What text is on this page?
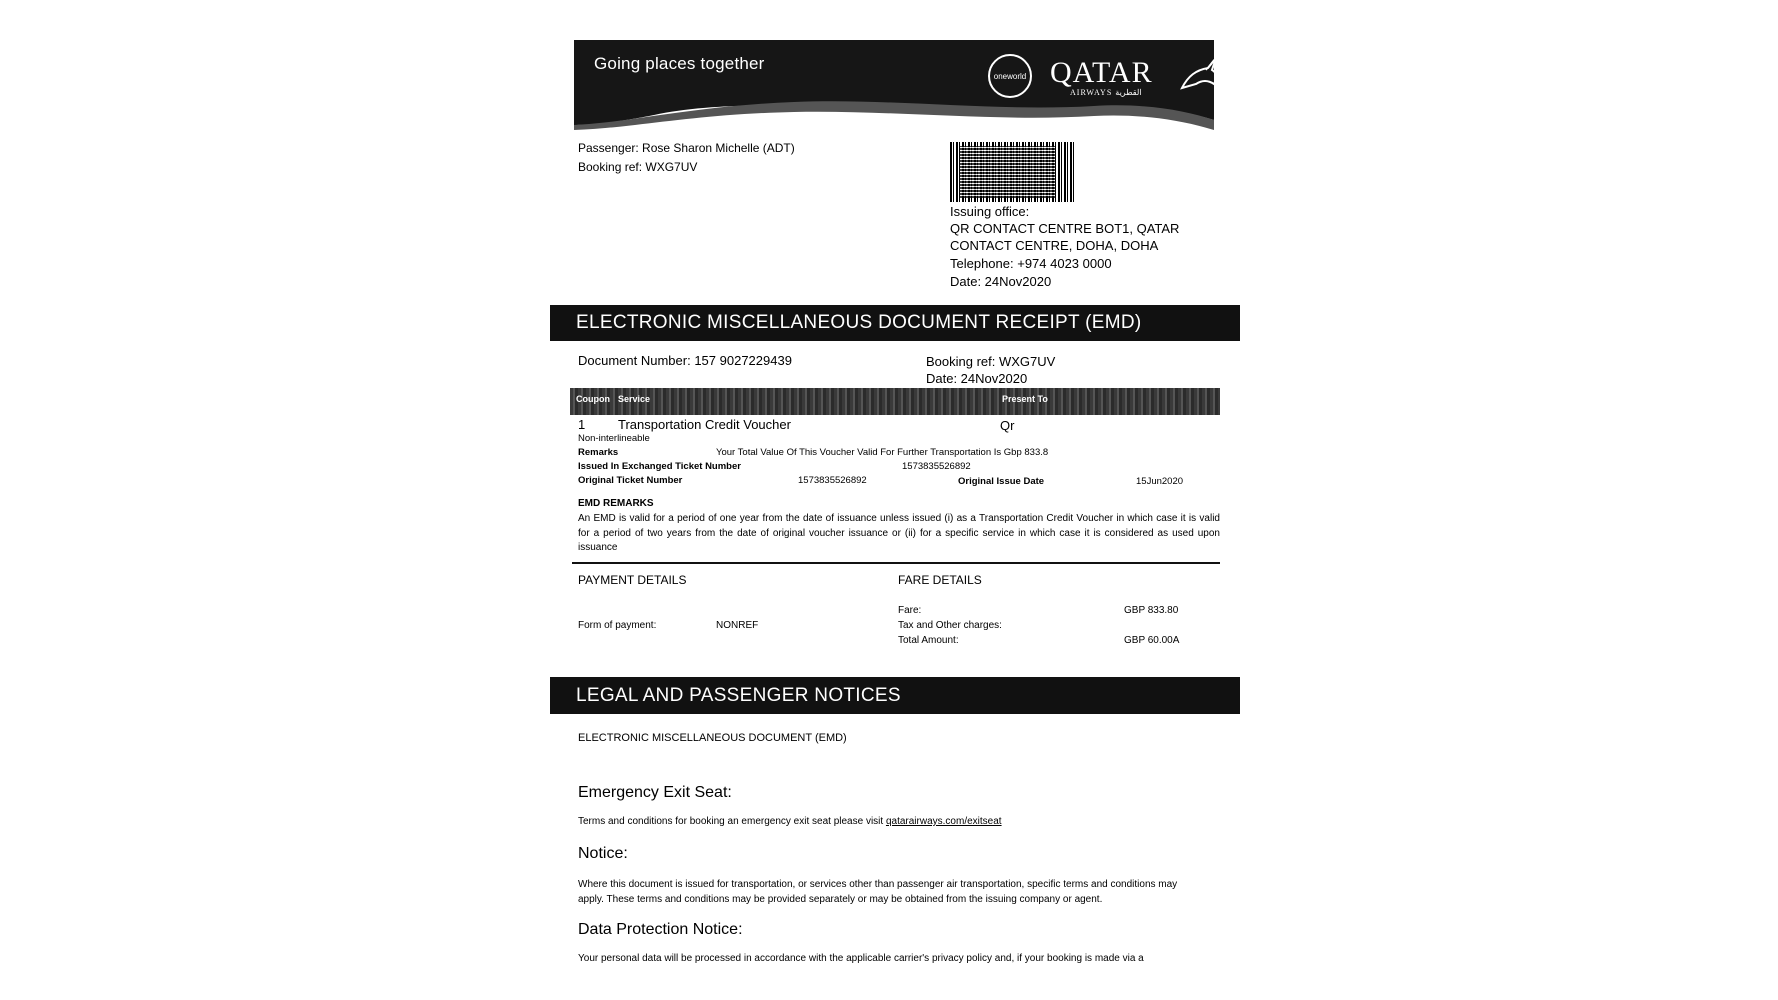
Going places together
oneworld QATAR
AIRWAYS القطرية
Passenger: Rose Sharon Michelle (ADT)
Booking ref: WXG7UV
Issuing office:
QR CONTACT CENTRE BOT1, QATAR
CONTACT CENTRE, DOHA, DOHA
Telephone: +974 4023 0000
Date: 24Nov2020
ELECTRONIC MISCELLANEOUS DOCUMENT RECEIPT (EMD)
Document Number: 157 9027229439	Booking ref: WXG7UV
Date: 24Nov2020
Coupon Service	Present To
1	Transportation Credit Voucher	Qr
Non-interlineable
Remarks	Your Total Value Of This Voucher Valid For Further Transportation Is Gbp 833.8
Issued In Exchanged Ticket Number	1573835526892
Original Ticket Number	1573835526892	Original Issue Date	15Jun2020
EMD REMARKS
An EMD is valid for a period of one year from the date of issuance unless issued (i) as a Transportation Credit Voucher in which case it is valid for a period of two years from the date of original voucher issuance or (ii) for a specific service in which case it is considered as used upon issuance
PAYMENT DETAILS
Form of payment:	NONREF
FARE DETAILS
Fare:	GBP 833.80
Tax and Other charges:
Total Amount:	GBP 60.00A
LEGAL AND PASSENGER NOTICES
ELECTRONIC MISCELLANEOUS DOCUMENT (EMD)
Emergency Exit Seat:
Terms and conditions for booking an emergency exit seat please visit qatarairways.com/exitseat
Notice:
Where this document is issued for transportation, or services other than passenger air transportation, specific terms and conditions may apply. These terms and conditions may be provided separately or may be obtained from the issuing company or agent.
Data Protection Notice:
Your personal data will be processed in accordance with the applicable carrier's privacy policy and, if your booking is made via a
